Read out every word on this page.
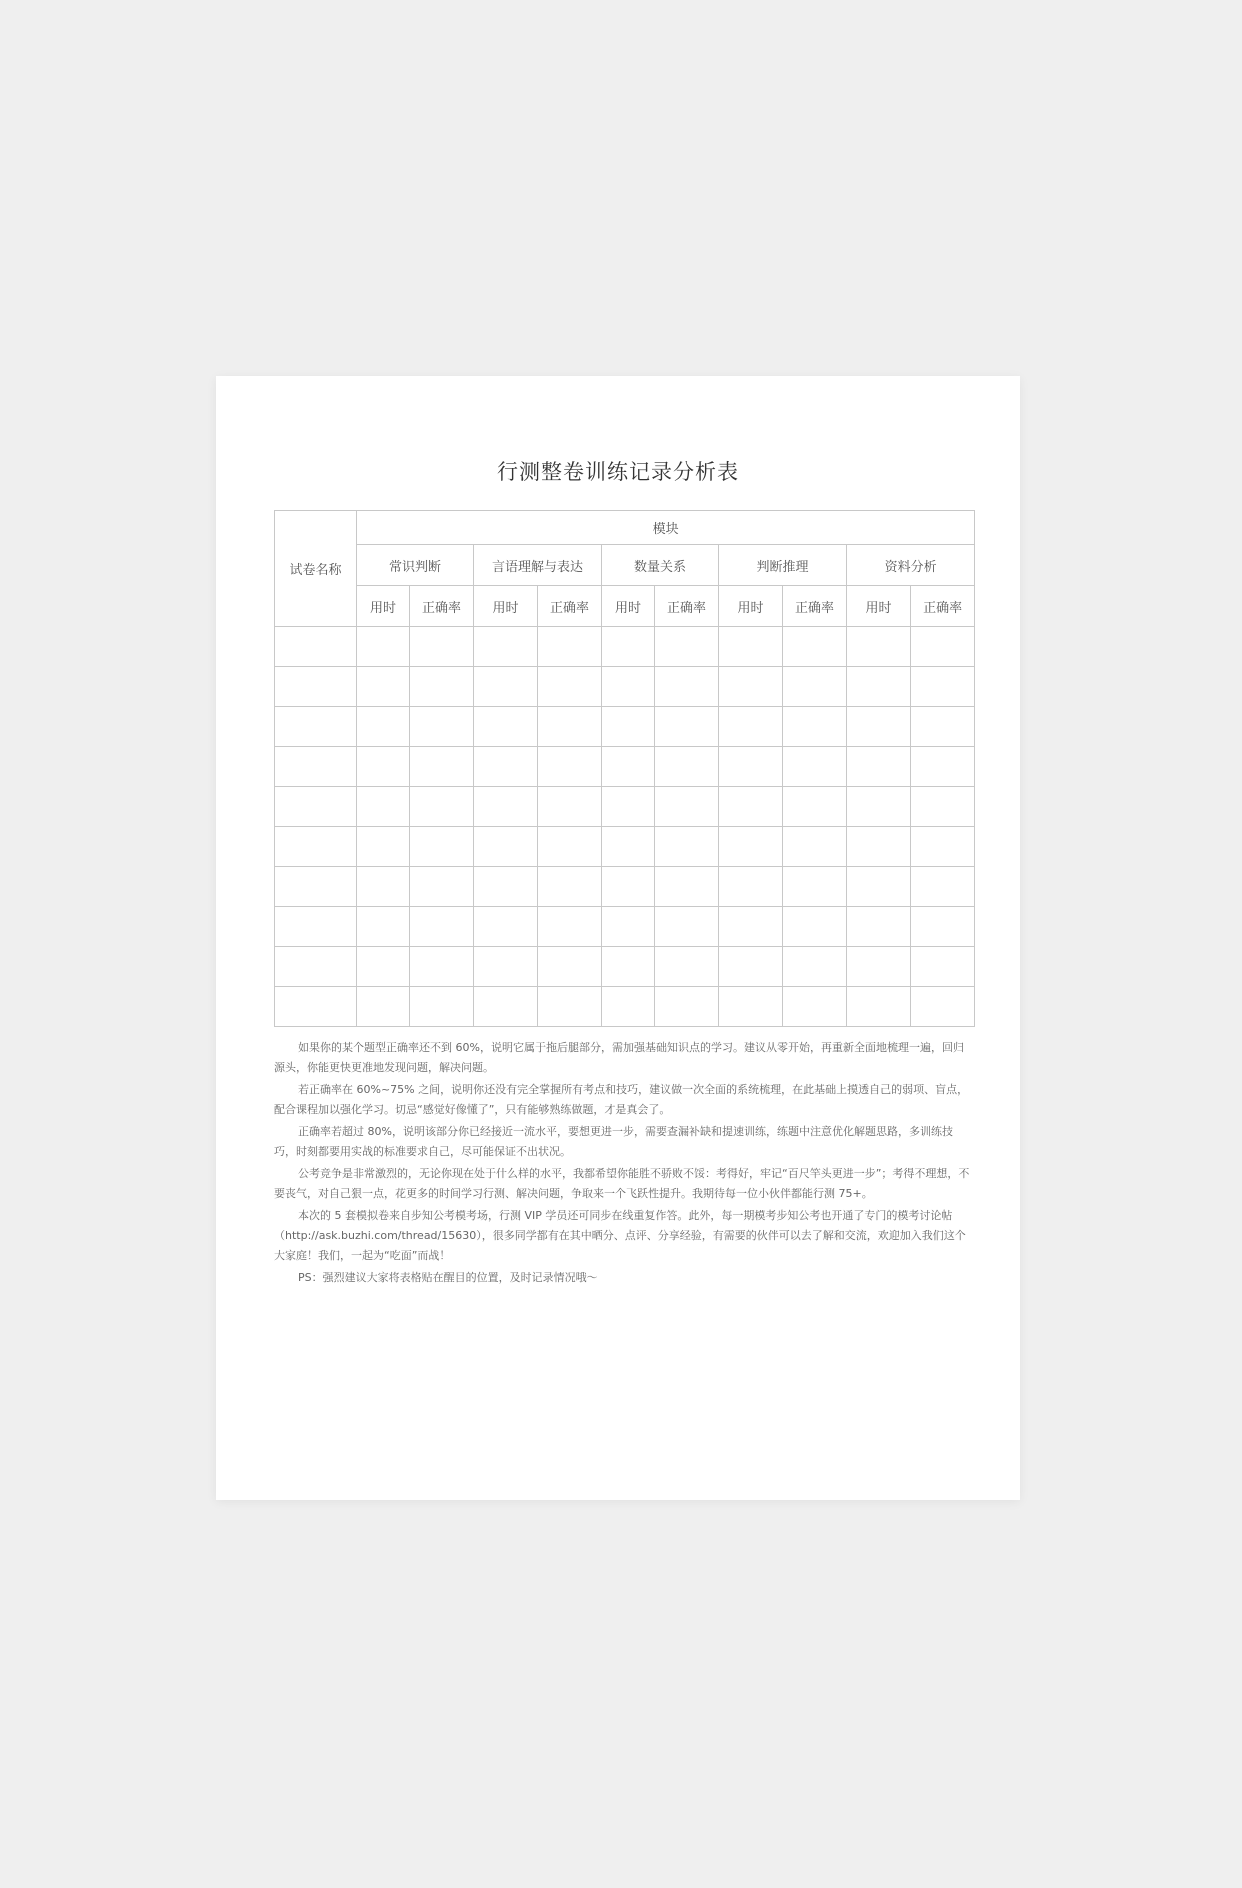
行测整卷训练记录分析表
试卷名称	模块									
	常识判断		言语理解与表达		数量关系		判断推理		资料分析	
	用时	正确率	用时	正确率	用时	正确率	用时	正确率	用时	正确率

如果你的某个题型正确率还不到 60%，说明它属于拖后腿部分，需加强基础知识点的学习。建议从零开始，再重新全面地梳理一遍，回归源头，你能更快更准地发现问题，解决问题。

若正确率在 60%~75% 之间，说明你还没有完全掌握所有考点和技巧，建议做一次全面的系统梳理，在此基础上摸透自己的弱项、盲点，配合课程加以强化学习。切忌“感觉好像懂了”，只有能够熟练做题，才是真会了。

正确率若超过 80%，说明该部分你已经接近一流水平，要想更进一步，需要查漏补缺和提速训练，练题中注意优化解题思路，多训练技巧，时刻都要用实战的标准要求自己，尽可能保证不出状况。

公考竞争是非常激烈的，无论你现在处于什么样的水平，我都希望你能胜不骄败不馁：考得好，牢记“百尺竿头更进一步”；考得不理想，不要丧气，对自己狠一点，花更多的时间学习行测、解决问题，争取来一个飞跃性提升。我期待每一位小伙伴都能行测 75+。

本次的 5 套模拟卷来自步知公考模考场，行测 VIP 学员还可同步在线重复作答。此外，每一期模考步知公考也开通了专门的模考讨论帖（http://ask.buzhi.com/thread/15630），很多同学都有在其中晒分、点评、分享经验，有需要的伙伴可以去了解和交流，欢迎加入我们这个大家庭！我们，一起为“吃面”而战！

PS：强烈建议大家将表格贴在醒目的位置，及时记录情况哦～
